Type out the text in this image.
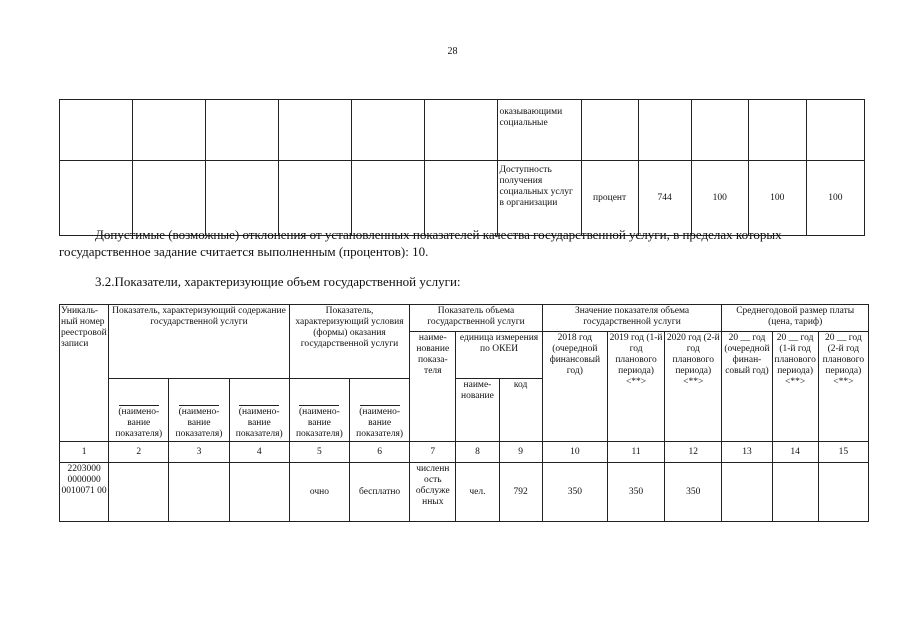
28
						оказывающими социальные					
						Доступность получения социальных услуг в организации	процент	744	100	100	100
Допустимые (возможные) отклонения от установленных показателей качества государственной услуги, в пределах которых государственное задание считается выполненным (процентов): 10.
3.2.Показатели, характеризующие объем государственной услуги:
Уникальный номер реестровой записи	Показатель, характеризующий содержание государственной услуги			Показатель, характеризующий условия (формы) оказания государственной услуги		Показатель объема государственной услуги			Значение показателя объема государственной услуги			Среднегодовой размер платы (цена, тариф)		
						наименование показателя	единица измерения по ОКЕИ		2018 год (очередной финансовый год)	2019 год (1-й год планового периода) <**>	2020 год (2-й год планового периода) <**>	20 __ год (очередной финансовый год)	20 __ год (1-й год планового периода) <**>	20 __ год (2-й год планового периода) <**>

(наименование показателя)	(наименование показателя)	(наименование показателя)	(наименование показателя)	(наименование показателя)		наименование	код						
1	2	3	4	5	6	7	8	9	10	11	12	13	14	15
2203000 0000000 0010071 00				очно	бесплатно	численн ость обслуже нных	чел.	792	350	350	350			
